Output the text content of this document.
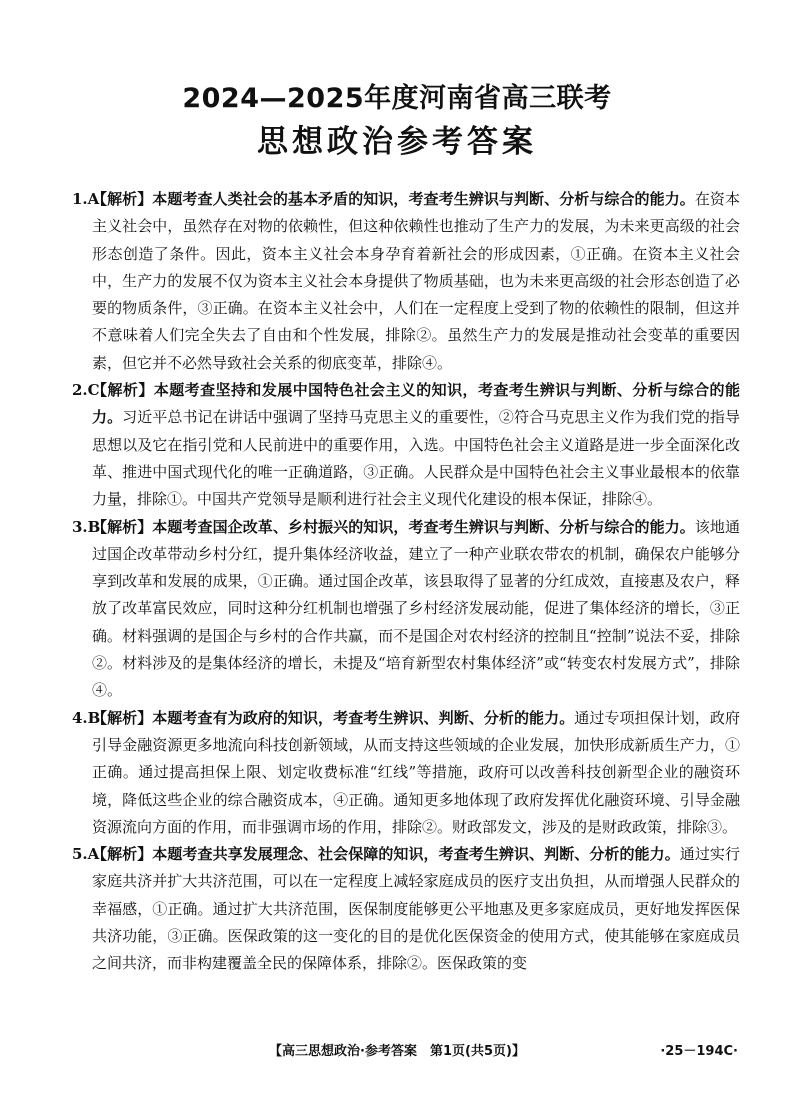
2024—2025年度河南省高三联考
思想政治参考答案
1.A
【解析】本题考查人类社会的基本矛盾的知识，考查考生辨识与判断、分析与综合的能力。在资本主义社会中，虽然存在对物的依赖性，但这种依赖性也推动了生产力的发展，为未来更高级的社会形态创造了条件。因此，资本主义社会本身孕育着新社会的形成因素，①正确。在资本主义社会中，生产力的发展不仅为资本主义社会本身提供了物质基础，也为未来更高级的社会形态创造了必要的物质条件，③正确。在资本主义社会中，人们在一定程度上受到了物的依赖性的限制，但这并不意味着人们完全失去了自由和个性发展，排除②。虽然生产力的发展是推动社会变革的重要因素，但它并不必然导致社会关系的彻底变革，排除④。
2.C
【解析】本题考查坚持和发展中国特色社会主义的知识，考查考生辨识与判断、分析与综合的能力。习近平总书记在讲话中强调了坚持马克思主义的重要性，②符合马克思主义作为我们党的指导思想以及它在指引党和人民前进中的重要作用，入选。中国特色社会主义道路是进一步全面深化改革、推进中国式现代化的唯一正确道路，③正确。人民群众是中国特色社会主义事业最根本的依靠力量，排除①。中国共产党领导是顺利进行社会主义现代化建设的根本保证，排除④。
3.B
【解析】本题考查国企改革、乡村振兴的知识，考查考生辨识与判断、分析与综合的能力。该地通过国企改革带动乡村分红，提升集体经济收益，建立了一种产业联农带农的机制，确保农户能够分享到改革和发展的成果，①正确。通过国企改革，该县取得了显著的分红成效，直接惠及农户，释放了改革富民效应，同时这种分红机制也增强了乡村经济发展动能，促进了集体经济的增长，③正确。材料强调的是国企与乡村的合作共赢，而不是国企对农村经济的控制且“控制”说法不妥，排除②。材料涉及的是集体经济的增长，未提及“培育新型农村集体经济”或“转变农村发展方式”，排除④。
4.B
【解析】本题考查有为政府的知识，考查考生辨识、判断、分析的能力。通过专项担保计划，政府引导金融资源更多地流向科技创新领域，从而支持这些领域的企业发展，加快形成新质生产力，①正确。通过提高担保上限、划定收费标准“红线”等措施，政府可以改善科技创新型企业的融资环境，降低这些企业的综合融资成本，④正确。通知更多地体现了政府发挥优化融资环境、引导金融资源流向方面的作用，而非强调市场的作用，排除②。财政部发文，涉及的是财政政策，排除③。
5.A
【解析】本题考查共享发展理念、社会保障的知识，考查考生辨识、判断、分析的能力。通过实行家庭共济并扩大共济范围，可以在一定程度上减轻家庭成员的医疗支出负担，从而增强人民群众的幸福感，①正确。通过扩大共济范围，医保制度能够更公平地惠及更多家庭成员，更好地发挥医保共济功能，③正确。医保政策的这一变化的目的是优化医保资金的使用方式，使其能够在家庭成员之间共济，而非构建覆盖全民的保障体系，排除②。医保政策的变
【高三思想政治·参考答案　第1页(共5页)】	·25－194C·
